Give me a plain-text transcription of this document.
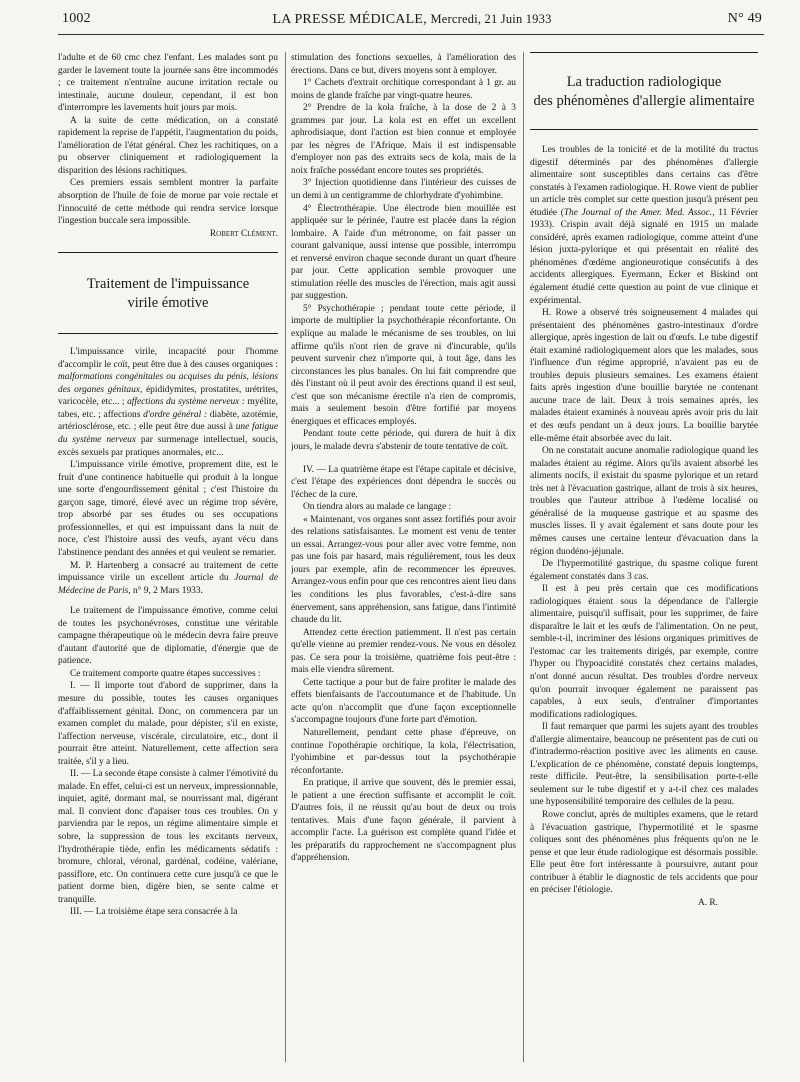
1002	LA PRESSE MÉDICALE, Mercredi, 21 Juin 1933	N° 49

l'adulte et de 60 cmc chez l'enfant. Les malades sont pu garder le lavement toute la journée sans être incommodés ; ce traitement n'entraîne aucune irritation rectale ou intestinale, aucune douleur, cependant, il est bon d'interrompre les lavements huit jours par mois.

A la suite de cette médication, on a constaté rapidement la reprise de l'appétit, l'augmentation du poids, l'amélioration de l'état général. Chez les rachitiques, on a pu observer cliniquement et radiologiquement la disparition des lésions rachitiques.

Ces premiers essais semblent montrer la parfaite absorption de l'huile de foie de morue par voie rectale et l'innocuité de cette méthode qui rendra service lorsque l'ingestion buccale sera impossible.

Robert Clément.
Traitement de l'impuissance
virile émotive

L'impuissance virile, incapacité pour l'homme d'accomplir le coït, peut être due à des causes organiques : malformations congénitales ou acquises du pénis, lésions des organes génitaux, épididymites, prostatites, urétrites, varicocèle, etc... ; affections du système nerveux : myélite, tabes, etc. ; affections d'ordre général : diabète, azotémie, artériosclérose, etc. ; elle peut être due aussi à une fatigue du système nerveux par surmenage intellectuel, soucis, excès sexuels par pratiques anormales, etc...

L'impuissance virile émotive, proprement dite, est le fruit d'une continence habituelle qui produit à la longue une sorte d'engourdissement génital ; c'est l'histoire du garçon sage, timoré, élevé avec un régime trop sévère, trop absorbé par ses études ou ses occupations professionnelles, et qui est impuissant dans la nuit de noce, c'est l'histoire aussi des veufs, ayant vécu dans l'abstinence pendant des années et qui veulent se remarier.

M. P. Hartenberg a consacré au traitement de cette impuissance virile un excellent article du Journal de Médecine de Paris, n° 9, 2 Mars 1933.

Le traitement de l'impuissance émotive, comme celui de toutes les psychonévroses, constitue une véritable campagne thérapeutique où le médecin devra faire preuve d'autant d'autorité que de diplomatie, d'énergie que de patience.

Ce traitement comporte quatre étapes successives :

I. — Il importe tout d'abord de supprimer, dans la mesure du possible, toutes les causes organiques d'affaiblissement génital. Donc, on commencera par un examen complet du malade, pour dépister, s'il en existe, l'affection nerveuse, viscérale, circulatoire, etc., dont il pourrait être atteint. Naturellement, cette affection sera traitée, s'il y a lieu.

II. — La seconde étape consiste à calmer l'émotivité du malade. En effet, celui-ci est un nerveux, impressionnable, inquiet, agité, dormant mal, se nourrissant mal, digérant mal. Il convient donc d'apaiser tous ces troubles. On y parviendra par le repos, un régime alimentaire simple et sobre, la suppression de tous les excitants nerveux, l'hydrothérapie tiède, enfin les médicaments sédatifs : bromure, chloral, véronal, gardénal, codéine, valériane, passiflore, etc. On continuera cette cure jusqu'à ce que le patient dorme bien, digère bien, se sente calme et tranquille.

III. — La troisième étape sera consacrée à la

stimulation des fonctions sexuelles, à l'amélioration des érections. Dans ce but, divers moyens sont à employer.

1° Cachets d'extrait orchitique correspondant à 1 gr. au moins de glande fraîche par vingt-quatre heures.

2° Prendre de la kola fraîche, à la dose de 2 à 3 grammes par jour. La kola est en effet un excellent aphrodisiaque, dont l'action est bien connue et employée par les nègres de l'Afrique. Mais il est indispensable d'employer non pas des extraits secs de kola, mais de la noix fraîche possédant encore toutes ses propriétés.

3° Injection quotidienne dans l'intérieur des cuisses de un demi à un centigramme de chlorhydrate d'yohimbine.

4° Électrothérapie. Une électrode bien mouillée est appliquée sur le périnée, l'autre est placée dans la région lombaire. A l'aide d'un métronome, on fait passer un courant galvanique, aussi intense que possible, interrompu et renversé environ chaque seconde durant un quart d'heure par jour. Cette application semble provoquer une stimulation réelle des muscles de l'érection, mais agit aussi par suggestion.

5° Psychothérapie ; pendant toute cette période, il importe de multiplier la psychothérapie réconfortante. On explique au malade le mécanisme de ses troubles, on lui affirme qu'ils n'ont rien de grave ni d'incurable, qu'ils peuvent survenir chez n'importe qui, à tout âge, dans les circonstances les plus banales. On lui fait comprendre que dès l'instant où il peut avoir des érections quand il est seul, c'est que son mécanisme érectile n'a rien de compromis, mais a seulement besoin d'être fortifié par moyens énergiques et efficaces employés.

Pendant toute cette période, qui durera de huit à dix jours, le malade devra s'abstenir de toute tentative de coït.

IV. — La quatrième étape est l'étape capitale et décisive, c'est l'étape des expériences dont dépendra le succès ou l'échec de la cure.

On tiendra alors au malade ce langage :

« Maintenant, vos organes sont assez fortifiés pour avoir des relations satisfaisantes. Le moment est venu de tenter un essai. Arrangez-vous pour aller avec votre femme, non pas une fois par hasard, mais régulièrement, tous les deux jours par exemple, afin de recommencer les épreuves. Arrangez-vous enfin pour que ces rencontres aient lieu dans les conditions les plus favorables, c'est-à-dire sans énervement, sans appréhension, sans fatigue, dans l'intimité chaude du lit.

Attendez cette érection patiemment. Il n'est pas certain qu'elle vienne au premier rendez-vous. Ne vous en désolez pas. Ce sera pour la troisième, quatrième fois peut-être : mais elle viendra sûrement.

Cette tactique a pour but de faire profiter le malade des effets bienfaisants de l'accoutumance et de l'habitude. Un acte qu'on n'accomplit que d'une façon exceptionnelle s'accompagne toujours d'une forte part d'émotion.

Naturellement, pendant cette phase d'épreuve, on continue l'opothérapie orchitique, la kola, l'électrisation, l'yohimbine et par-dessus tout la psychothérapie réconfortante.

En pratique, il arrive que souvent, dès le premier essai, le patient a une érection suffisante et accomplit le coït. D'autres fois, il ne réussit qu'au bout de deux ou trois tentatives. Mais d'une façon générale, il parvient à accomplir l'acte. La guérison est complète quand l'idée et les préparatifs du rapprochement ne s'accompagnent plus d'appréhension.

La traduction radiologique
des phénomènes d'allergie alimentaire

Les troubles de la tonicité et de la motilité du tractus digestif déterminés par des phénomènes d'allergie alimentaire sont susceptibles dans certains cas d'être constatés à l'examen radiologique. H. Rowe vient de publier un article très complet sur cette question jusqu'à présent peu étudiée (The Journal of the Amer. Med. Assoc., 11 Février 1933). Crispin avait déjà signalé en 1915 un malade considéré, après examen radiologique, comme atteint d'une lésion juxta-pylorique et qui présentait en réalité des phénomènes d'œdème angioneurotique consécutifs à des accidents allergiques. Eyermann, Ecker et Biskind ont également étudié cette question au point de vue clinique et expérimental.

H. Rowe a observé très soigneusement 4 malades qui présentaient des phénomènes gastro-intestinaux d'ordre allergique, après ingestion de lait ou d'œufs. Le tube digestif était examiné radiologiquement alors que les malades, sous l'influence d'un régime approprié, n'avaient pas eu de troubles depuis plusieurs semaines. Les examens étaient faits après ingestion d'une bouillie barytée ne contenant aucune trace de lait. Deux à trois semaines après, les malades étaient examinés à nouveau après avoir pris du lait et des œufs pendant un à deux jours. La bouillie barytée elle-même était absorbée avec du lait.

On ne constatait aucune anomalie radiologique quand les malades étaient au régime. Alors qu'ils avaient absorbé les aliments nocifs, il existait du spasme pylorique et un retard très net à l'évacuation gastrique, allant de trois à six heures, troubles que l'auteur attribue à l'œdème localisé ou généralisé de la muqueuse gastrique et au spasme des muscles lisses. Il y avait également et sans doute pour les mêmes causes une certaine lenteur d'évacuation dans la région duodéno-jéjunale.

De l'hypermotilité gastrique, du spasme colique furent également constatés dans 3 cas.

Il est à peu près certain que ces modifications radiologiques étaient sous la dépendance de l'allergie alimentaire, puisqu'il suffisait, pour les supprimer, de faire disparaître le lait et les œufs de l'alimentation. On ne peut, semble-t-il, incriminer des lésions organiques primitives de l'estomac car les traitements dirigés, par exemple, contre l'hyper ou l'hypoacidité constatés chez certains malades, n'ont donné aucun résultat. Des troubles d'ordre nerveux qu'on pourrait invoquer également ne paraissent pas capables, à eux seuls, d'entraîner d'importantes modifications radiologiques.

Il faut remarquer que parmi les sujets ayant des troubles d'allergie alimentaire, beaucoup ne présentent pas de cuti ou d'intradermo-réaction positive avec les aliments en cause. L'explication de ce phénomène, constaté depuis longtemps, reste difficile. Peut-être, la sensibilisation porte-t-elle seulement sur le tube digestif et y a-t-il chez ces malades une hyposensibilité temporaire des cellules de la peau.

Rowe conclut, après de multiples examens, que le retard à l'évacuation gastrique, l'hypermotilité et le spasme coliques sont des phénomènes plus fréquents qu'on ne le pense et que leur étude radiologique est désormais possible. Elle peut être fort intéressante à poursuivre, autant pour contribuer à établir le diagnostic de tels accidents que pour en préciser l'étiologie.

A. R.
